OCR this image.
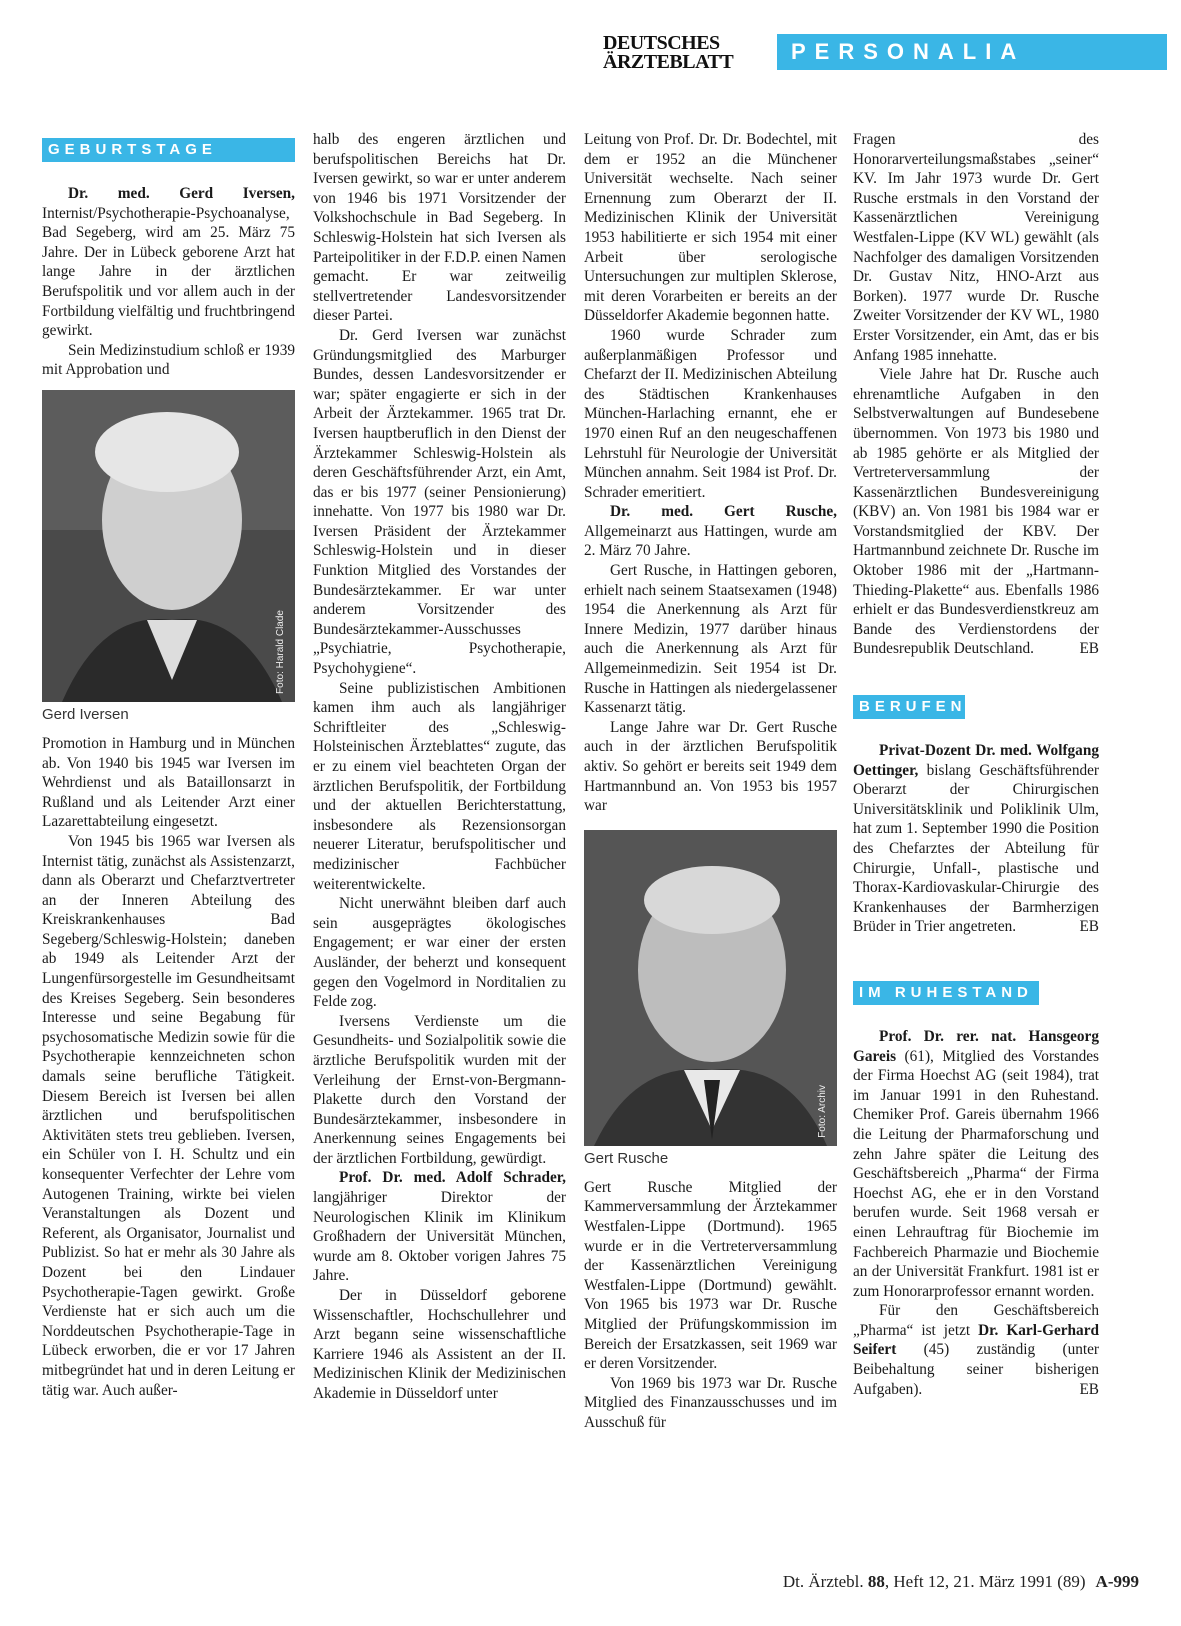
DEUTSCHES
ÄRZTEBLATT	PERSONALIA
GEBURTSTAGE

Dr. med. Gerd Iversen, Internist/Psychotherapie-Psychoanalyse, Bad Segeberg, wird am 25. März 75 Jahre. Der in Lübeck geborene Arzt hat lange Jahre in der ärztlichen Berufspolitik und vor allem auch in der Fortbildung vielfältig und fruchtbringend gewirkt.

Sein Medizinstudium schloß er 1939 mit Approbation und

Foto: Harald Clade
Gerd Iversen

Promotion in Hamburg und in München ab. Von 1940 bis 1945 war Iversen im Wehrdienst und als Bataillonsarzt in Rußland und als Leitender Arzt einer Lazarettabteilung eingesetzt.

Von 1945 bis 1965 war Iversen als Internist tätig, zunächst als Assistenzarzt, dann als Oberarzt und Chefarztvertreter an der Inneren Abteilung des Kreiskrankenhauses Bad Segeberg/Schleswig-Holstein; daneben ab 1949 als Leitender Arzt der Lungenfürsorgestelle im Gesundheitsamt des Kreises Segeberg. Sein besonderes Interesse und seine Begabung für psychosomatische Medizin sowie für die Psychotherapie kennzeichneten schon damals seine berufliche Tätigkeit. Diesem Bereich ist Iversen bei allen ärztlichen und berufspolitischen Aktivitäten stets treu geblieben. Iversen, ein Schüler von I. H. Schultz und ein konsequenter Verfechter der Lehre vom Autogenen Training, wirkte bei vielen Veranstaltungen als Dozent und Referent, als Organisator, Journalist und Publizist. So hat er mehr als 30 Jahre als Dozent bei den Lindauer Psychotherapie-Tagen gewirkt. Große Verdienste hat er sich auch um die Norddeutschen Psychotherapie-Tage in Lübeck erworben, die er vor 17 Jahren mitbegründet hat und in deren Leitung er tätig war. Auch außer-

halb des engeren ärztlichen und berufspolitischen Bereichs hat Dr. Iversen gewirkt, so war er unter anderem von 1946 bis 1971 Vorsitzender der Volkshochschule in Bad Segeberg. In Schleswig-Holstein hat sich Iversen als Parteipolitiker in der F.D.P. einen Namen gemacht. Er war zeitweilig stellvertretender Landesvorsitzender dieser Partei.

Dr. Gerd Iversen war zunächst Gründungsmitglied des Marburger Bundes, dessen Landesvorsitzender er war; später engagierte er sich in der Arbeit der Ärztekammer. 1965 trat Dr. Iversen hauptberuflich in den Dienst der Ärztekammer Schleswig-Holstein als deren Geschäftsführender Arzt, ein Amt, das er bis 1977 (seiner Pensionierung) innehatte. Von 1977 bis 1980 war Dr. Iversen Präsident der Ärztekammer Schleswig-Holstein und in dieser Funktion Mitglied des Vorstandes der Bundesärztekammer. Er war unter anderem Vorsitzender des Bundesärztekammer-Ausschusses „Psychiatrie, Psychotherapie, Psychohygiene“.

Seine publizistischen Ambitionen kamen ihm auch als langjähriger Schriftleiter des „Schleswig-Holsteinischen Ärzteblattes“ zugute, das er zu einem viel beachteten Organ der ärztlichen Berufspolitik, der Fortbildung und der aktuellen Berichterstattung, insbesondere als Rezensionsorgan neuerer Literatur, berufspolitischer und medizinischer Fachbücher weiterentwickelte.

Nicht unerwähnt bleiben darf auch sein ausgeprägtes ökologisches Engagement; er war einer der ersten Ausländer, der beherzt und konsequent gegen den Vogelmord in Norditalien zu Felde zog.

Iversens Verdienste um die Gesundheits- und Sozialpolitik sowie die ärztliche Berufspolitik wurden mit der Verleihung der Ernst-von-Bergmann-Plakette durch den Vorstand der Bundesärztekammer, insbesondere in Anerkennung seines Engagements bei der ärztlichen Fortbildung, gewürdigt.

Prof. Dr. med. Adolf Schrader, langjähriger Direktor der Neurologischen Klinik im Klinikum Großhadern der Universität München, wurde am 8. Oktober vorigen Jahres 75 Jahre.

Der in Düsseldorf geborene Wissenschaftler, Hochschullehrer und Arzt begann seine wissenschaftliche Karriere 1946 als Assistent an der II. Medizinischen Klinik der Medizinischen Akademie in Düsseldorf unter

Leitung von Prof. Dr. Dr. Bodechtel, mit dem er 1952 an die Münchener Universität wechselte. Nach seiner Ernennung zum Oberarzt der II. Medizinischen Klinik der Universität 1953 habilitierte er sich 1954 mit einer Arbeit über serologische Untersuchungen zur multiplen Sklerose, mit deren Vorarbeiten er bereits an der Düsseldorfer Akademie begonnen hatte.

1960 wurde Schrader zum außerplanmäßigen Professor und Chefarzt der II. Medizinischen Abteilung des Städtischen Krankenhauses München-Harlaching ernannt, ehe er 1970 einen Ruf an den neugeschaffenen Lehrstuhl für Neurologie der Universität München annahm. Seit 1984 ist Prof. Dr. Schrader emeritiert.

Dr. med. Gert Rusche, Allgemeinarzt aus Hattingen, wurde am 2. März 70 Jahre.

Gert Rusche, in Hattingen geboren, erhielt nach seinem Staatsexamen (1948) 1954 die Anerkennung als Arzt für Innere Medizin, 1977 darüber hinaus auch die Anerkennung als Arzt für Allgemeinmedizin. Seit 1954 ist Dr. Rusche in Hattingen als niedergelassener Kassenarzt tätig.

Lange Jahre war Dr. Gert Rusche auch in der ärztlichen Berufspolitik aktiv. So gehört er bereits seit 1949 dem Hartmannbund an. Von 1953 bis 1957 war

Foto: Archiv
Gert Rusche

Gert Rusche Mitglied der Kammerversammlung der Ärztekammer Westfalen-Lippe (Dortmund). 1965 wurde er in die Vertreterversammlung der Kassenärztlichen Vereinigung Westfalen-Lippe (Dortmund) gewählt. Von 1965 bis 1973 war Dr. Rusche Mitglied der Prüfungskommission im Bereich der Ersatzkassen, seit 1969 war er deren Vorsitzender.

Von 1969 bis 1973 war Dr. Rusche Mitglied des Finanzausschusses und im Ausschuß für

Fragen des Honorarverteilungsmaßstabes „seiner“ KV. Im Jahr 1973 wurde Dr. Gert Rusche erstmals in den Vorstand der Kassenärztlichen Vereinigung Westfalen-Lippe (KV WL) gewählt (als Nachfolger des damaligen Vorsitzenden Dr. Gustav Nitz, HNO-Arzt aus Borken). 1977 wurde Dr. Rusche Zweiter Vorsitzender der KV WL, 1980 Erster Vorsitzender, ein Amt, das er bis Anfang 1985 innehatte.

Viele Jahre hat Dr. Rusche auch ehrenamtliche Aufgaben in den Selbstverwaltungen auf Bundesebene übernommen. Von 1973 bis 1980 und ab 1985 gehörte er als Mitglied der Vertreterversammlung der Kassenärztlichen Bundesvereinigung (KBV) an. Von 1981 bis 1984 war er Vorstandsmitglied der KBV. Der Hartmannbund zeichnete Dr. Rusche im Oktober 1986 mit der „Hartmann-Thieding-Plakette“ aus. Ebenfalls 1986 erhielt er das Bundesverdienstkreuz am Bande des Verdienstordens der Bundesrepublik Deutschland.	EB

BERUFEN

Privat-Dozent Dr. med. Wolfgang Oettinger, bislang Geschäftsführender Oberarzt der Chirurgischen Universitätsklinik und Poliklinik Ulm, hat zum 1. September 1990 die Position des Chefarztes der Abteilung für Chirurgie, Unfall-, plastische und Thorax-Kardiovaskular-Chirurgie des Krankenhauses der Barmherzigen Brüder in Trier angetreten.	EB

IM RUHESTAND

Prof. Dr. rer. nat. Hansgeorg Gareis (61), Mitglied des Vorstandes der Firma Hoechst AG (seit 1984), trat im Januar 1991 in den Ruhestand. Chemiker Prof. Gareis übernahm 1966 die Leitung der Pharmaforschung und zehn Jahre später die Leitung des Geschäftsbereich „Pharma“ der Firma Hoechst AG, ehe er in den Vorstand berufen wurde. Seit 1968 versah er einen Lehrauftrag für Biochemie im Fachbereich Pharmazie und Biochemie an der Universität Frankfurt. 1981 ist er zum Honorarprofessor ernannt worden.

Für den Geschäftsbereich „Pharma“ ist jetzt Dr. Karl-Gerhard Seifert (45) zuständig (unter Beibehaltung seiner bisherigen Aufgaben).	EB

Dt. Ärztebl. 88, Heft 12, 21. März 1991 (89) A-999
